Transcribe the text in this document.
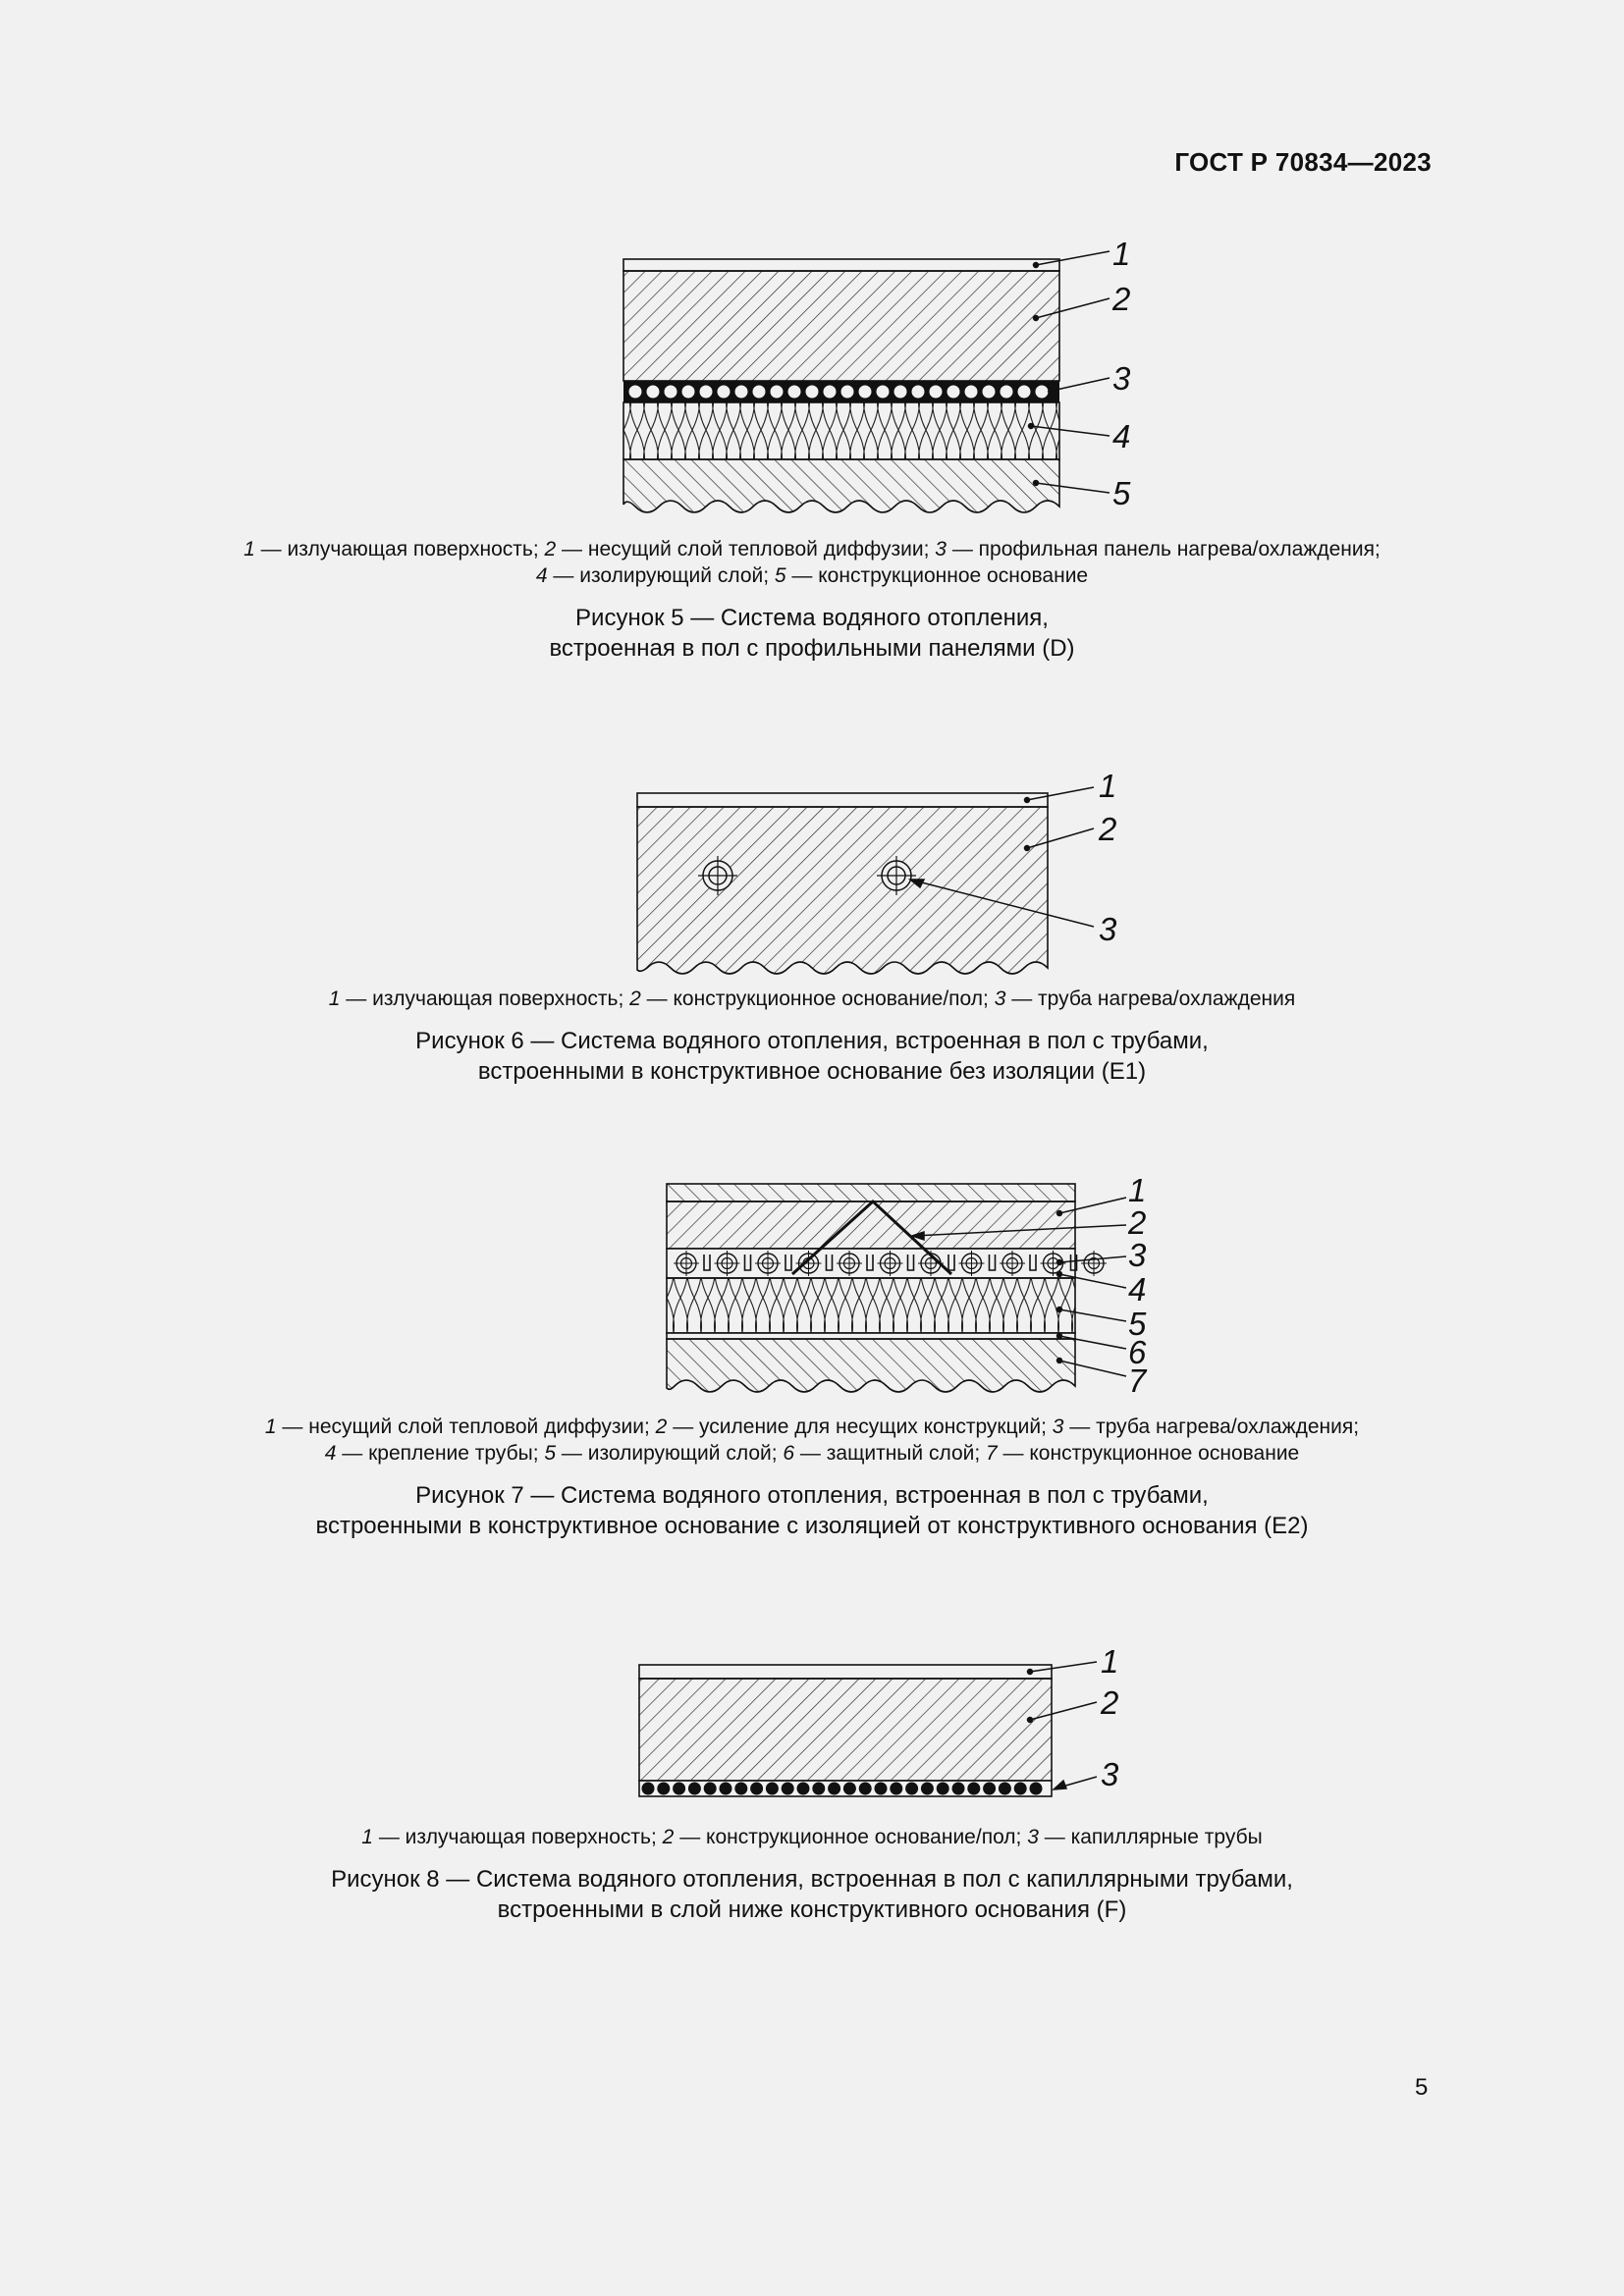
ГОСТ Р 70834—2023
1
2
3
4
5
1 — излучающая поверхность; 2 — несущий слой тепловой диффузии; 3 — профильная панель нагрева/охлаждения;
4 — изолирующий слой; 5 — конструкционное основание
Рисунок 5 — Система водяного отопления,
встроенная в пол с профильными панелями (D)
1
2
3
1 — излучающая поверхность; 2 — конструкционное основание/пол; 3 — труба нагрева/охлаждения
Рисунок 6 — Система водяного отопления, встроенная в пол с трубами,
встроенными в конструктивное основание без изоляции (E1)
1
2
3
4
5
6
7
1 — несущий слой тепловой диффузии; 2 — усиление для несущих конструкций; 3 — труба нагрева/охлаждения;
4 — крепление трубы; 5 — изолирующий слой; 6 — защитный слой; 7 — конструкционное основание
Рисунок 7 — Система водяного отопления, встроенная в пол с трубами,
встроенными в конструктивное основание с изоляцией от конструктивного основания (E2)
1
2
3
1 — излучающая поверхность; 2 — конструкционное основание/пол; 3 — капиллярные трубы
Рисунок 8 — Система водяного отопления, встроенная в пол с капиллярными трубами,
встроенными в слой ниже конструктивного основания (F)
5
